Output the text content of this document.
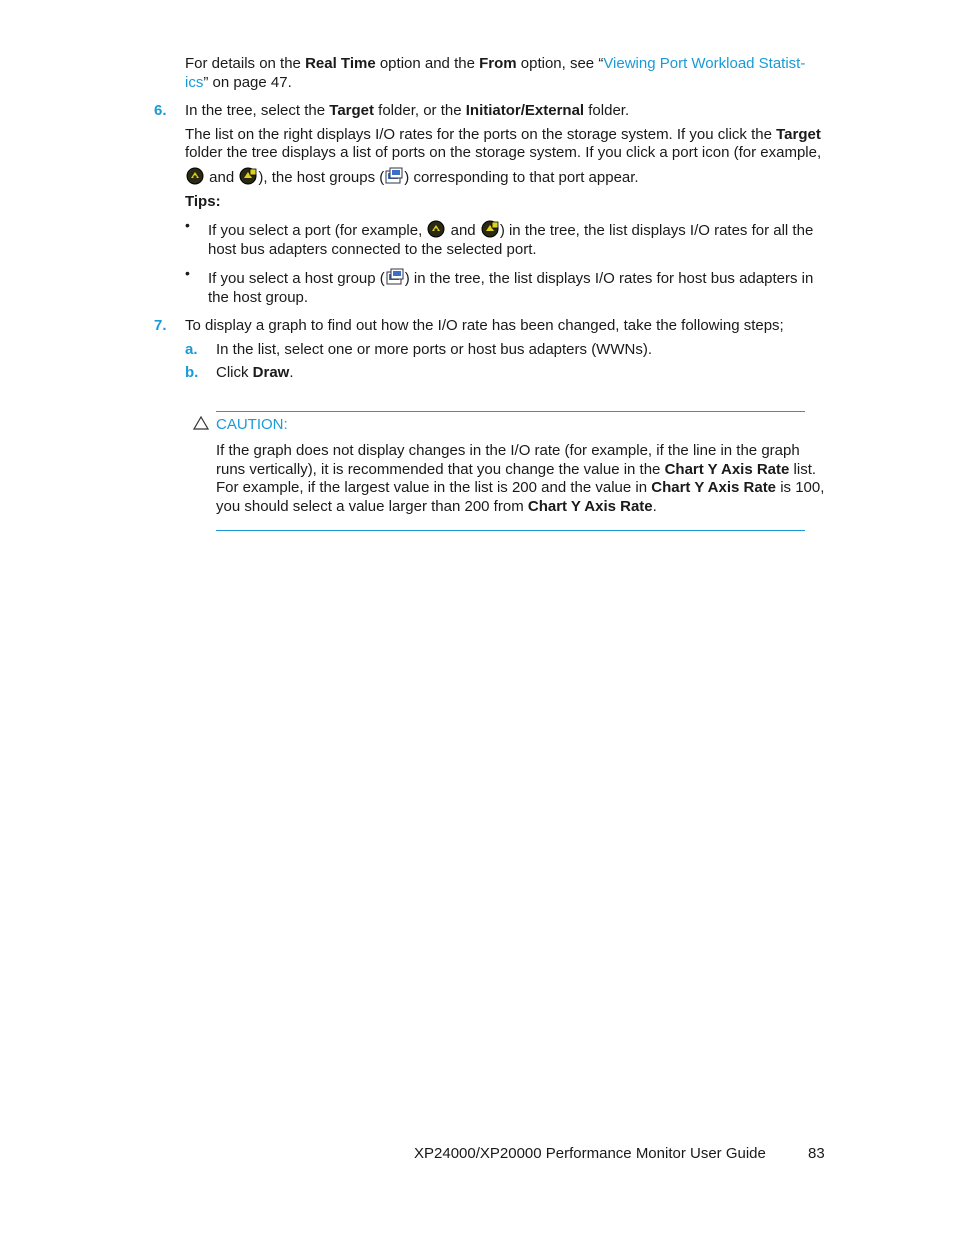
For details on the Real Time option and the From option, see “Viewing Port Workload Statist-
ics” on page 47.
6. In the tree, select the Target folder, or the Initiator/External folder.
The list on the right displays I/O rates for the ports on the storage system. If you click the Target
folder the tree displays a list of ports on the storage system. If you click a port icon (for example,
and
), the host groups ( ) corresponding to that port appear.
Tips:
• If you select a port (for example,
and
) in the tree, the list displays I/O rates for all the
host bus adapters connected to the selected port.
• If you select a host group ( ) in the tree, the list displays I/O rates for host bus adapters in
the host group.
7. To display a graph to find out how the I/O rate has been changed, take the following steps;
a. In the list, select one or more ports or host bus adapters (WWNs).
b. Click Draw.
CAUTION:
If the graph does not display changes in the I/O rate (for example, if the line in the graph
runs vertically), it is recommended that you change the value in the Chart Y Axis Rate list.
For example, if the largest value in the list is 200 and the value in Chart Y Axis Rate is 100,
you should select a value larger than 200 from Chart Y Axis Rate.
XP24000/XP20000 Performance Monitor User Guide	83
